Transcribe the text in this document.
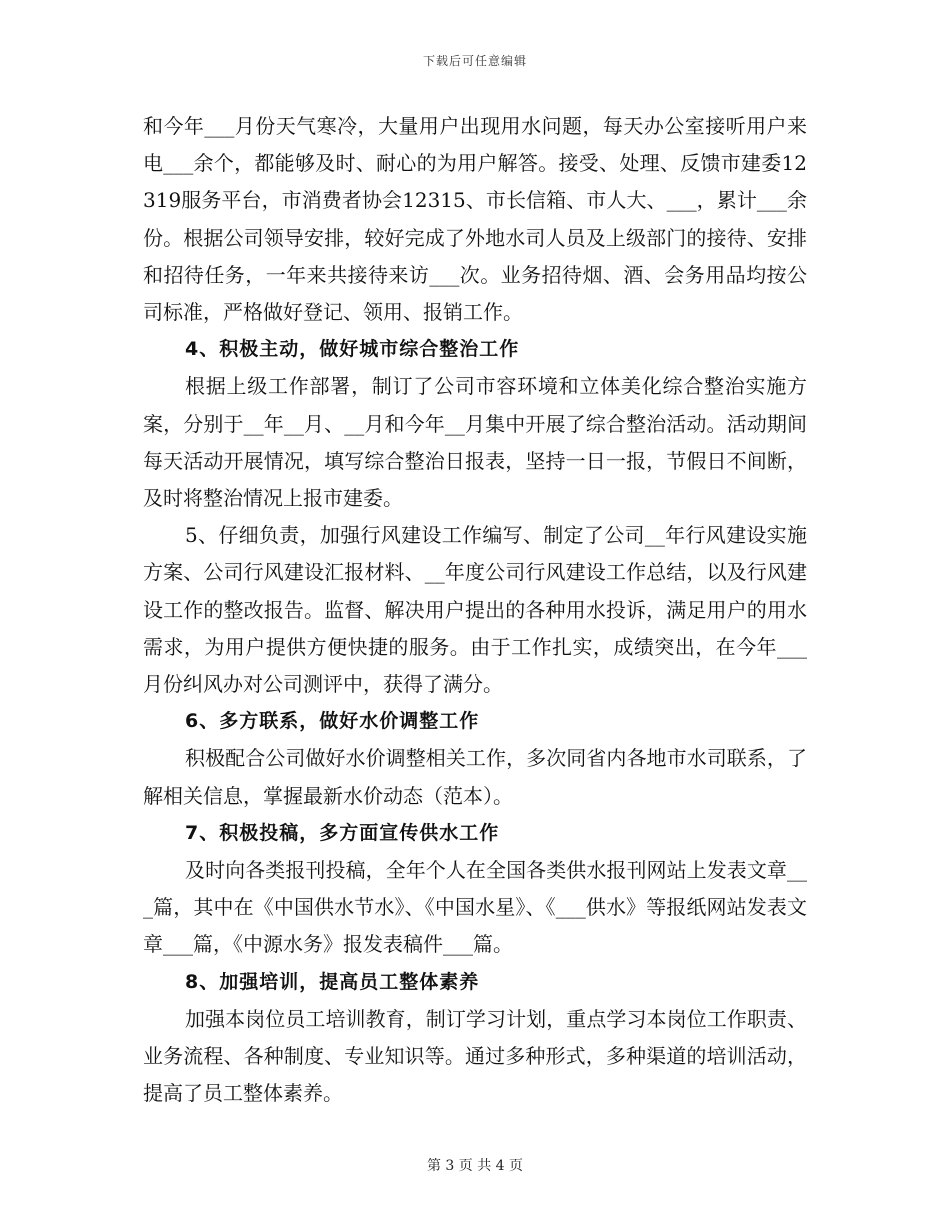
下载后可任意编辑

和今年___月份天气寒冷，大量用户出现用水问题，每天办公室接听用户来电___余个，都能够及时、耐心的为用户解答。接受、处理、反馈市建委12319服务平台，市消费者协会12315、市长信箱、市人大、___，累计___余份。根据公司领导安排，较好完成了外地水司人员及上级部门的接待、安排和招待任务，一年来共接待来访___次。业务招待烟、酒、会务用品均按公司标准，严格做好登记、领用、报销工作。

4、积极主动，做好城市综合整治工作

根据上级工作部署，制订了公司市容环境和立体美化综合整治实施方案，分别于__年__月、__月和今年__月集中开展了综合整治活动。活动期间每天活动开展情况，填写综合整治日报表，坚持一日一报，节假日不间断，及时将整治情况上报市建委。

5、仔细负责，加强行风建设工作编写、制定了公司__年行风建设实施方案、公司行风建设汇报材料、__年度公司行风建设工作总结，以及行风建设工作的整改报告。监督、解决用户提出的各种用水投诉，满足用户的用水需求，为用户提供方便快捷的服务。由于工作扎实，成绩突出，在今年___月份纠风办对公司测评中，获得了满分。

6、多方联系，做好水价调整工作

积极配合公司做好水价调整相关工作，多次同省内各地市水司联系，了解相关信息，掌握最新水价动态（范本）。

7、积极投稿，多方面宣传供水工作

及时向各类报刊投稿，全年个人在全国各类供水报刊网站上发表文章___篇，其中在《中国供水节水》、《中国水星》、《___供水》等报纸网站发表文章___篇，《中源水务》报发表稿件___篇。

8、加强培训，提高员工整体素养

加强本岗位员工培训教育，制订学习计划，重点学习本岗位工作职责、业务流程、各种制度、专业知识等。通过多种形式，多种渠道的培训活动，提高了员工整体素养。

第 3 页 共 4 页
